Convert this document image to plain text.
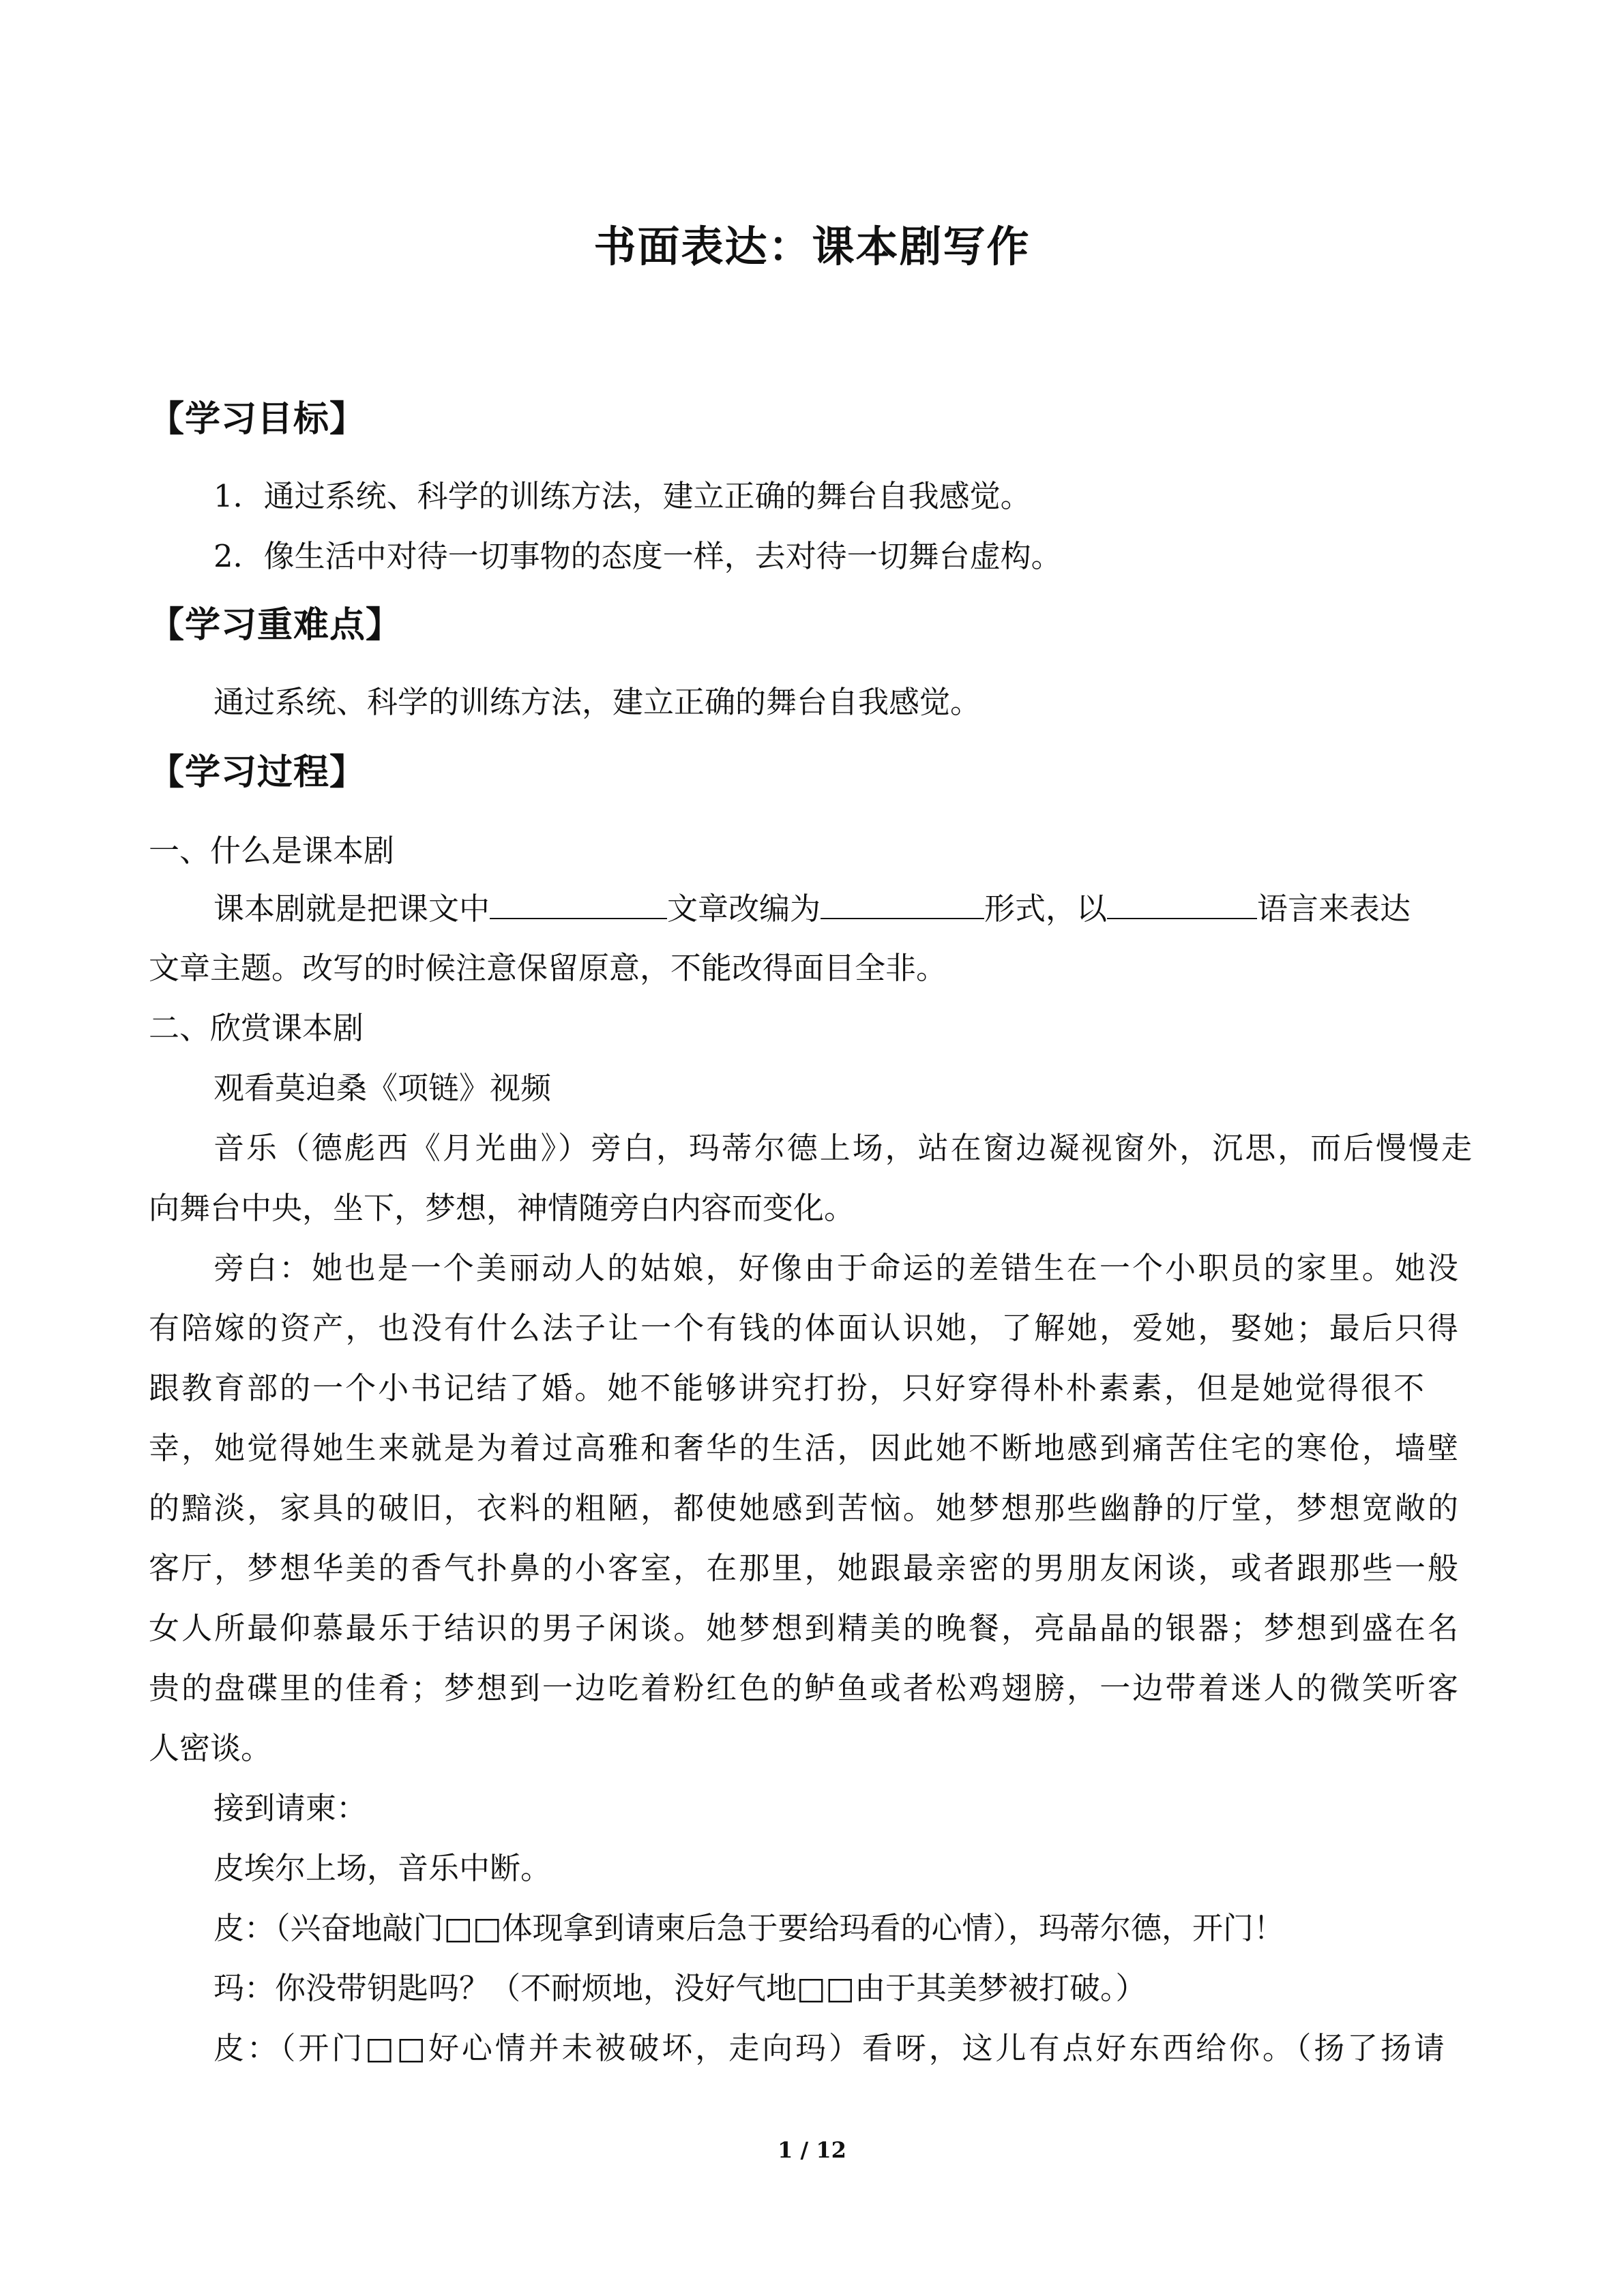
书面表达：课本剧写作
【学习目标】
1．通过系统、科学的训练方法，建立正确的舞台自我感觉。
2．像生活中对待一切事物的态度一样，去对待一切舞台虚构。
【学习重难点】
通过系统、科学的训练方法，建立正确的舞台自我感觉。
【学习过程】
一、什么是课本剧
课本剧就是把课文中	文章改编为	形式，以	语言来表达
文章主题。改写的时候注意保留原意，不能改得面目全非。
二、欣赏课本剧
观看莫迫桑《项链》视频
音乐（德彪西《月光曲》）旁白，玛蒂尔德上场，站在窗边凝视窗外，沉思，而后慢慢走
向舞台中央，坐下，梦想，神情随旁白内容而变化。
旁白：她也是一个美丽动人的姑娘，好像由于命运的差错生在一个小职员的家里。她没
有陪嫁的资产，也没有什么法子让一个有钱的体面认识她，了解她，爱她，娶她；最后只得
跟教育部的一个小书记结了婚。她不能够讲究打扮，只好穿得朴朴素素，但是她觉得很不
幸，她觉得她生来就是为着过高雅和奢华的生活，因此她不断地感到痛苦住宅的寒伧，墙壁
的黯淡，家具的破旧，衣料的粗陋，都使她感到苦恼。她梦想那些幽静的厅堂，梦想宽敞的
客厅，梦想华美的香气扑鼻的小客室，在那里，她跟最亲密的男朋友闲谈，或者跟那些一般
女人所最仰慕最乐于结识的男子闲谈。她梦想到精美的晚餐，亮晶晶的银器；梦想到盛在名
贵的盘碟里的佳肴；梦想到一边吃着粉红色的鲈鱼或者松鸡翅膀，一边带着迷人的微笑听客
人密谈。
接到请柬：
皮埃尔上场，音乐中断。
皮：（兴奋地敲门□□体现拿到请柬后急于要给玛看的心情），玛蒂尔德，开门！
玛：你没带钥匙吗？（不耐烦地，没好气地□□由于其美梦被打破。）
皮：（开门□□好心情并未被破坏，走向玛）看呀，这儿有点好东西给你。（扬了扬请
1 / 12
